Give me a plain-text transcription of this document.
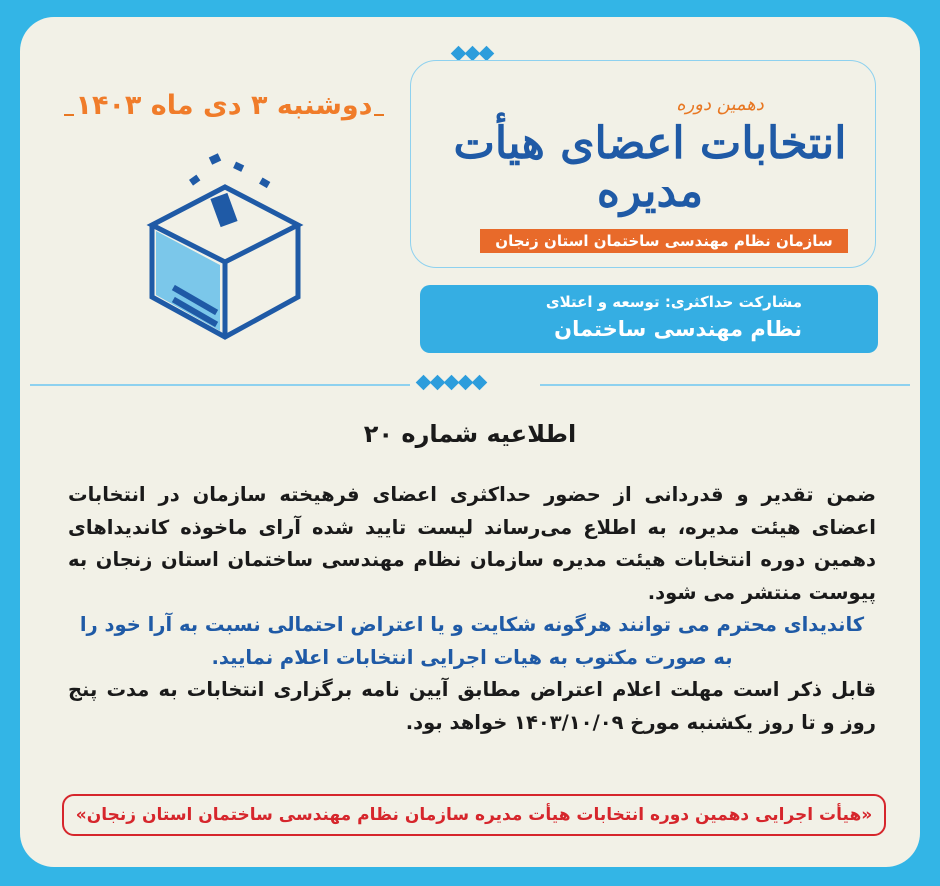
دهمین دوره
انتخابات اعضای هیأت مدیره
سازمان نظام مهندسی ساختمان استان زنجان
دوشنبه ۳ دی ماه ۱۴۰۳
مشارکت حداکثری: توسعه و اعتلای
نظام مهندسی ساختمان
اطلاعیه شماره ۲۰

ضمن تقدیر و قدردانی از حضور حداکثری اعضای فرهیخته سازمان در انتخابات اعضای هیئت مدیره، به اطلاع می‌رساند لیست تایید شده آرای ماخوذه کاندیداهای دهمین دوره انتخابات هیئت مدیره سازمان نظام مهندسی ساختمان استان زنجان به پیوست منتشر می شود.

کاندیدای محترم می توانند هرگونه شکایت و یا اعتراض احتمالی نسبت به آرا خود را به صورت مکتوب به هیات اجرایی انتخابات اعلام نمایید.

قابل ذکر است مهلت اعلام اعتراض مطابق آیین نامه برگزاری انتخابات به مدت پنج روز و تا روز یکشنبه مورخ ۱۴۰۳/۱۰/۰۹ خواهد بود.

«هیأت اجرایی دهمین دوره انتخابات هیأت مدیره سازمان نظام مهندسی ساختمان استان زنجان»
